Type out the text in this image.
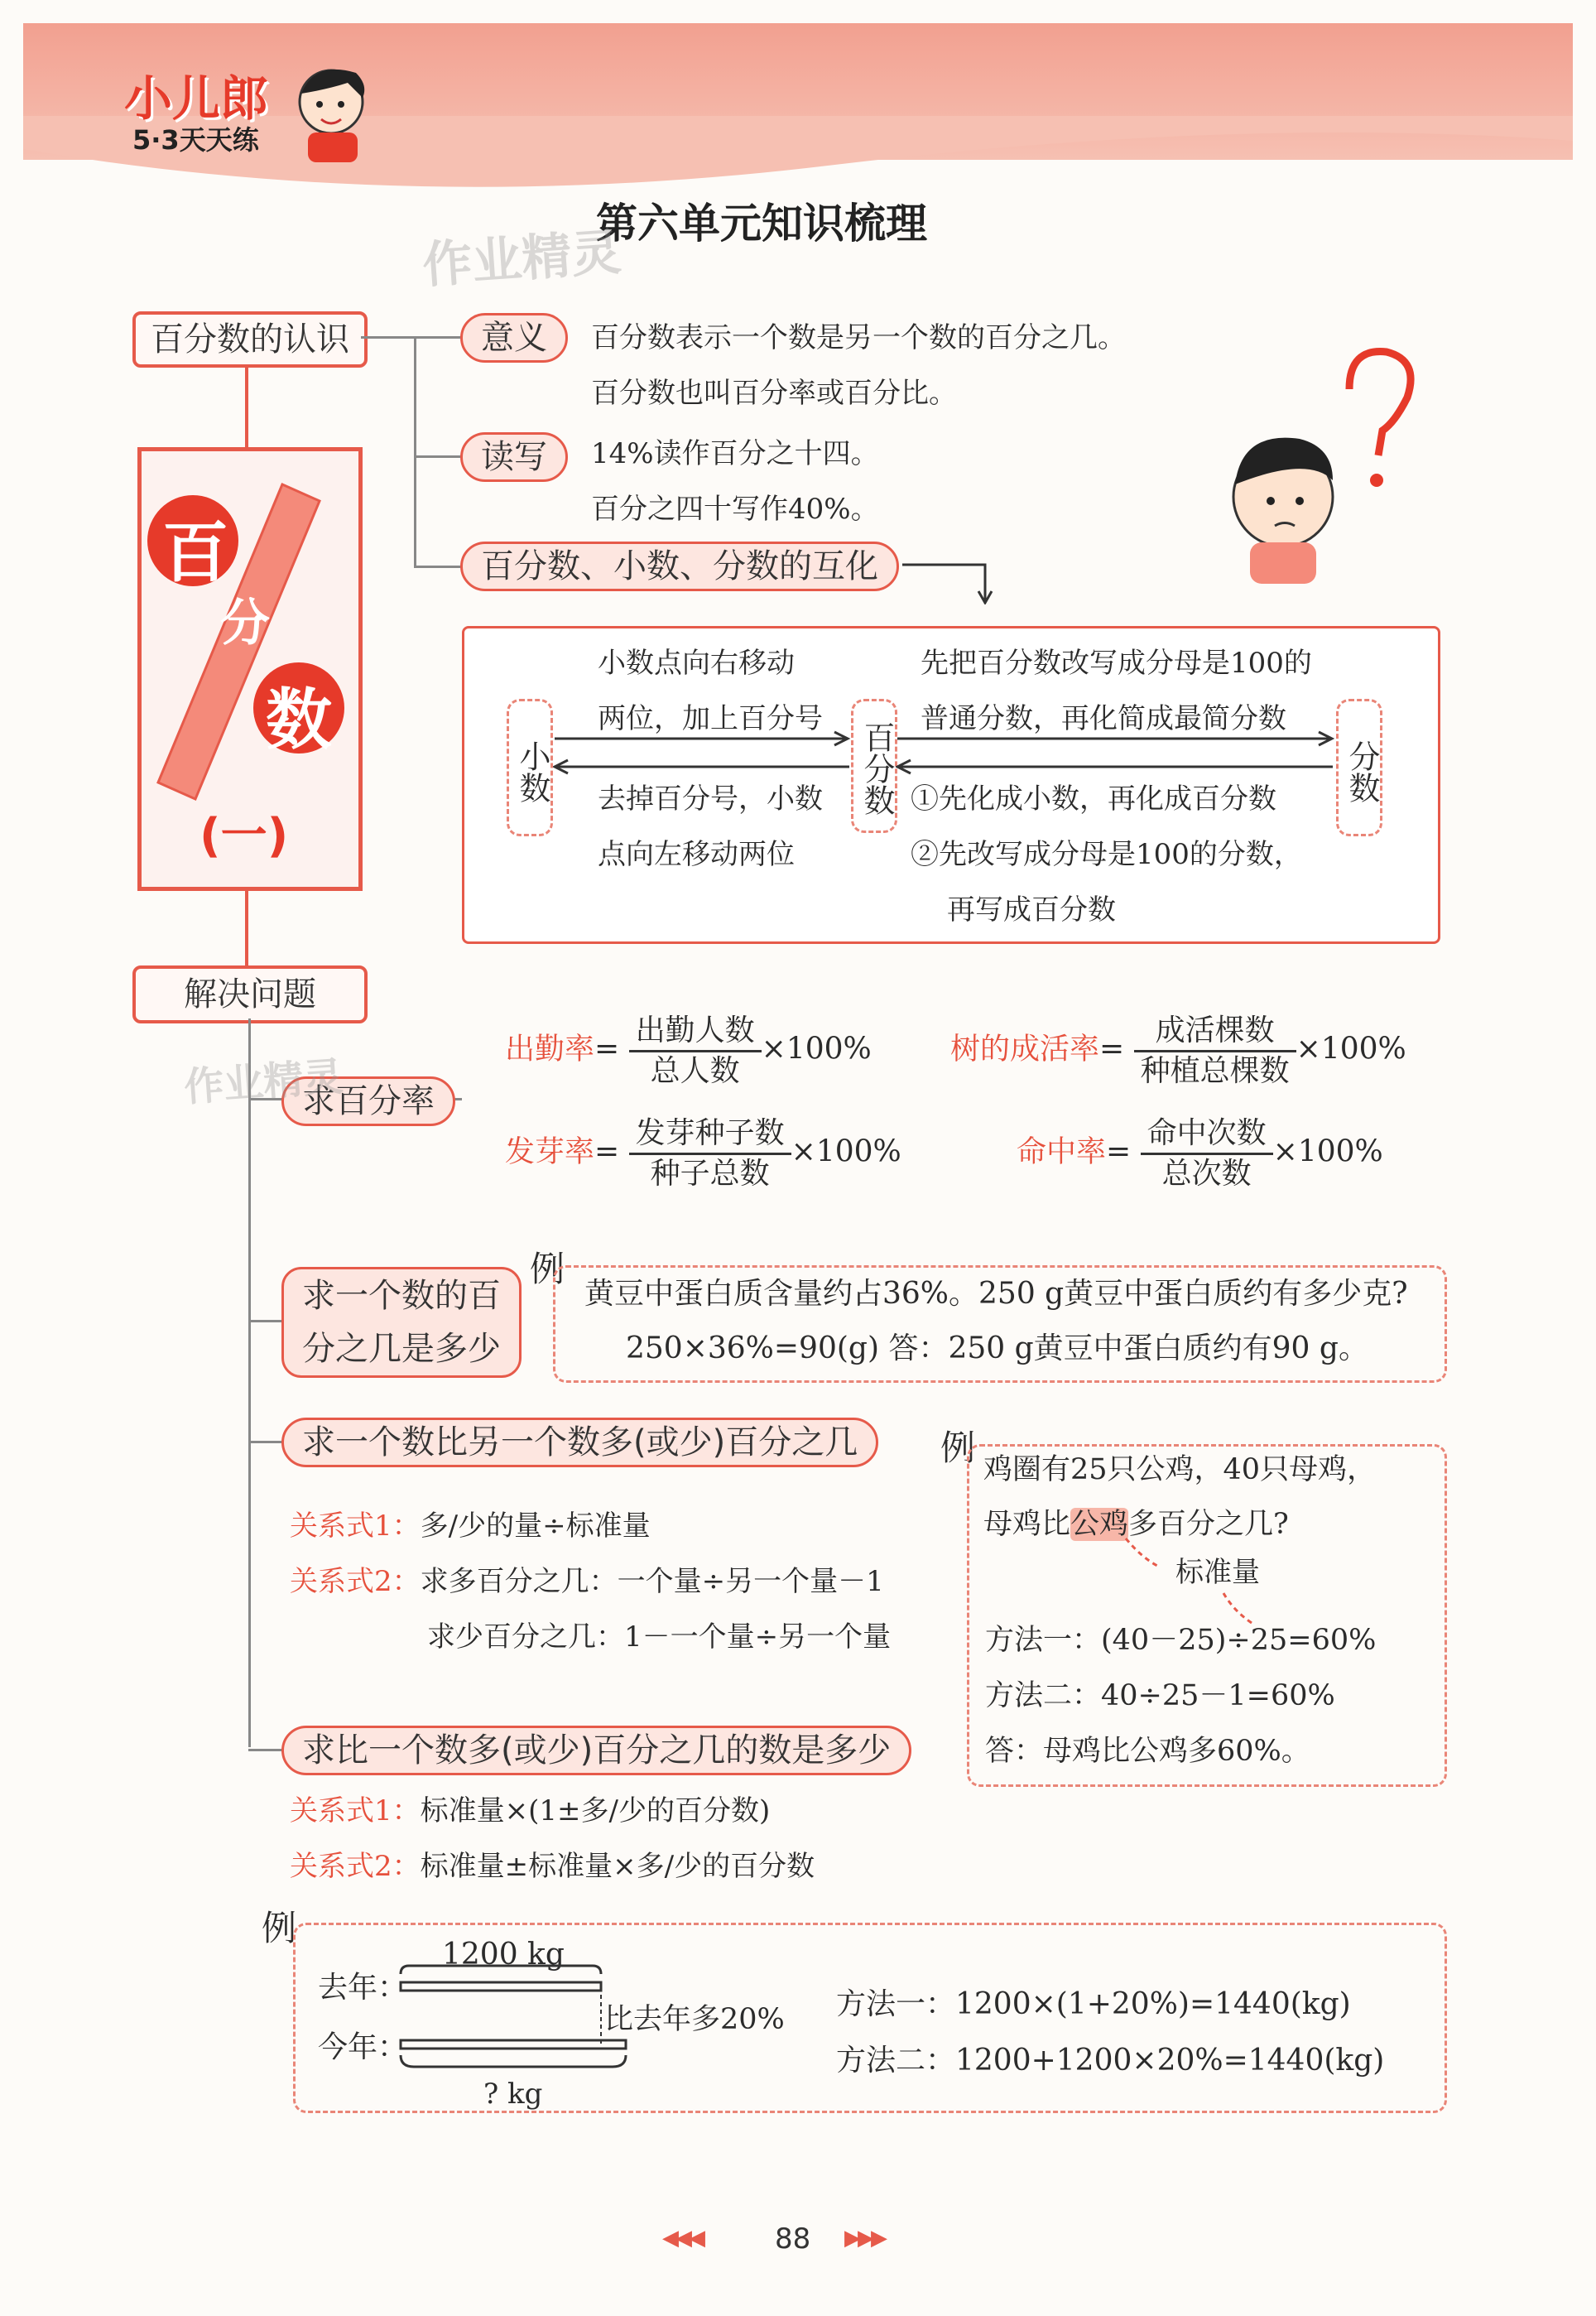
小儿郎
5·3天天练
第六单元知识梳理
作业精灵
百分数的认识
百
分
数
(一)
意义	百分数表示一个数是另一个数的百分之几。
百分数也叫百分率或百分比。
读写	14%读作百分之十四。
百分之四十写作40%。
百分数、小数、分数的互化
小数	百分数	分数
小数点向右移动
两位，加上百分号
去掉百分号，小数
点向左移动两位
先把百分数改写成分母是100的
普通分数，再化简成最简分数
①先化成小数，再化成百分数
②先改写成分母是100的分数，
再写成百分数
解决问题
求百分率
作业精灵
出勤率= $\frac{\text{出勤人数}}{\text{总人数}} \times 100\%$	树的成活率= $\frac{\text{成活棵数}}{\text{种植总棵数}} \times 100\%$
发芽率= $\frac{\text{发芽种子数}}{\text{种子总数}} \times 100\%$	命中率= $\frac{\text{命中次数}}{\text{总次数}} \times 100\%$
求一个数的百
分之几是多少
例
黄豆中蛋白质含量约占36%。250 g黄豆中蛋白质约有多少克?
250×36%=90(g) 答：250 g黄豆中蛋白质约有90 g。
求一个数比另一个数多(或少)百分之几
关系式1：多/少的量÷标准量
关系式2：求多百分之几：一个量÷另一个量－1
求少百分之几：1－一个量÷另一个量
例
鸡圈有25只公鸡，40只母鸡，
母鸡比公鸡多百分之几?
标准量
方法一：(40－25)÷25=60%
方法二：40÷25－1=60%
答：母鸡比公鸡多60%。
求比一个数多(或少)百分之几的数是多少
关系式1：标准量×(1±多/少的百分数)
关系式2：标准量±标准量×多/少的百分数
例
去年：
今年：
1200 kg
比去年多20%
? kg
方法一：1200×(1+20%)=1440(kg)
方法二：1200+1200×20%=1440(kg)
◀◀◀	88 ▶▶▶
